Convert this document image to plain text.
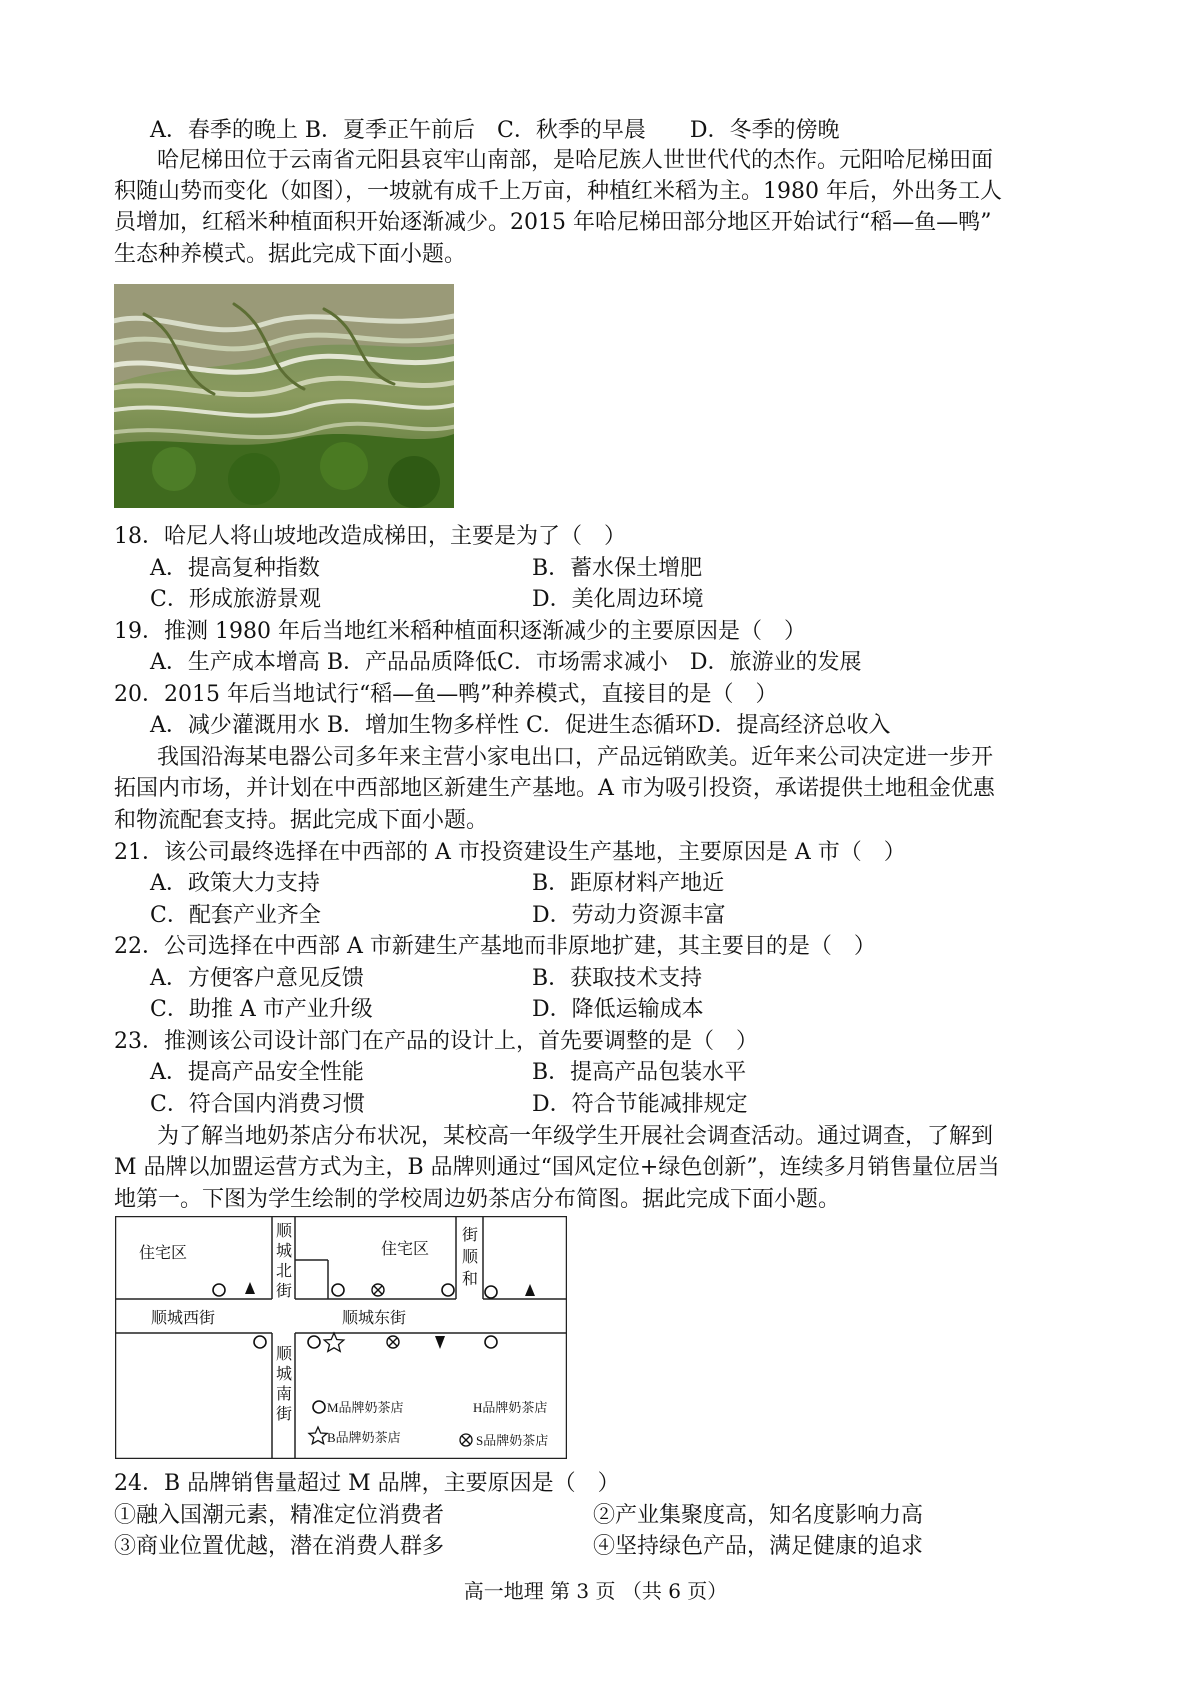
A．春季的晚上 B．夏季正午前后　C．秋季的早晨　　D．冬季的傍晚
哈尼梯田位于云南省元阳县哀牢山南部，是哈尼族人世世代代的杰作。元阳哈尼梯田面
积随山势而变化（如图），一坡就有成千上万亩，种植红米稻为主。1980 年后，外出务工人
员增加，红稻米种植面积开始逐渐减少。2015 年哈尼梯田部分地区开始试行“稻—鱼—鸭”
生态种养模式。据此完成下面小题。
18．哈尼人将山坡地改造成梯田，主要是为了（　）
A．提高复种指数	B．蓄水保土增肥
C．形成旅游景观	D．美化周边环境
19．推测 1980 年后当地红米稻种植面积逐渐减少的主要原因是（　）
A．生产成本增高 B．产品品质降低C．市场需求减小　D．旅游业的发展
20．2015 年后当地试行“稻—鱼—鸭”种养模式，直接目的是（　）
A．减少灌溉用水 B．增加生物多样性 C．促进生态循环D．提高经济总收入
我国沿海某电器公司多年来主营小家电出口，产品远销欧美。近年来公司决定进一步开
拓国内市场，并计划在中西部地区新建生产基地。A 市为吸引投资，承诺提供土地租金优惠
和物流配套支持。据此完成下面小题。
21．该公司最终选择在中西部的 A 市投资建设生产基地，主要原因是 A 市（　）
A．政策大力支持	B．距原材料产地近
C．配套产业齐全	D．劳动力资源丰富
22．公司选择在中西部 A 市新建生产基地而非原地扩建，其主要目的是（　）
A．方便客户意见反馈	B．获取技术支持
C．助推 A 市产业升级	D．降低运输成本
23．推测该公司设计部门在产品的设计上，首先要调整的是（　）
A．提高产品安全性能	B．提高产品包装水平
C．符合国内消费习惯	D．符合节能减排规定
为了解当地奶茶店分布状况，某校高一年级学生开展社会调查活动。通过调查，了解到
M 品牌以加盟运营方式为主，B 品牌则通过“国风定位+绿色创新”，连续多月销售量位居当
地第一。下图为学生绘制的学校周边奶茶店分布简图。据此完成下面小题。
住宅区	住宅区
顺城西街	顺城东街
顺
城
北
街
顺
城
南
街
街
顺
和
M品牌奶茶店	H品牌奶茶店
B品牌奶茶店	S品牌奶茶店
24．B 品牌销售量超过 M 品牌，主要原因是（　）
①融入国潮元素，精准定位消费者	②产业集聚度高，知名度影响力高
③商业位置优越，潜在消费人群多	④坚持绿色产品，满足健康的追求
高一地理 第 3 页 （共 6 页）
